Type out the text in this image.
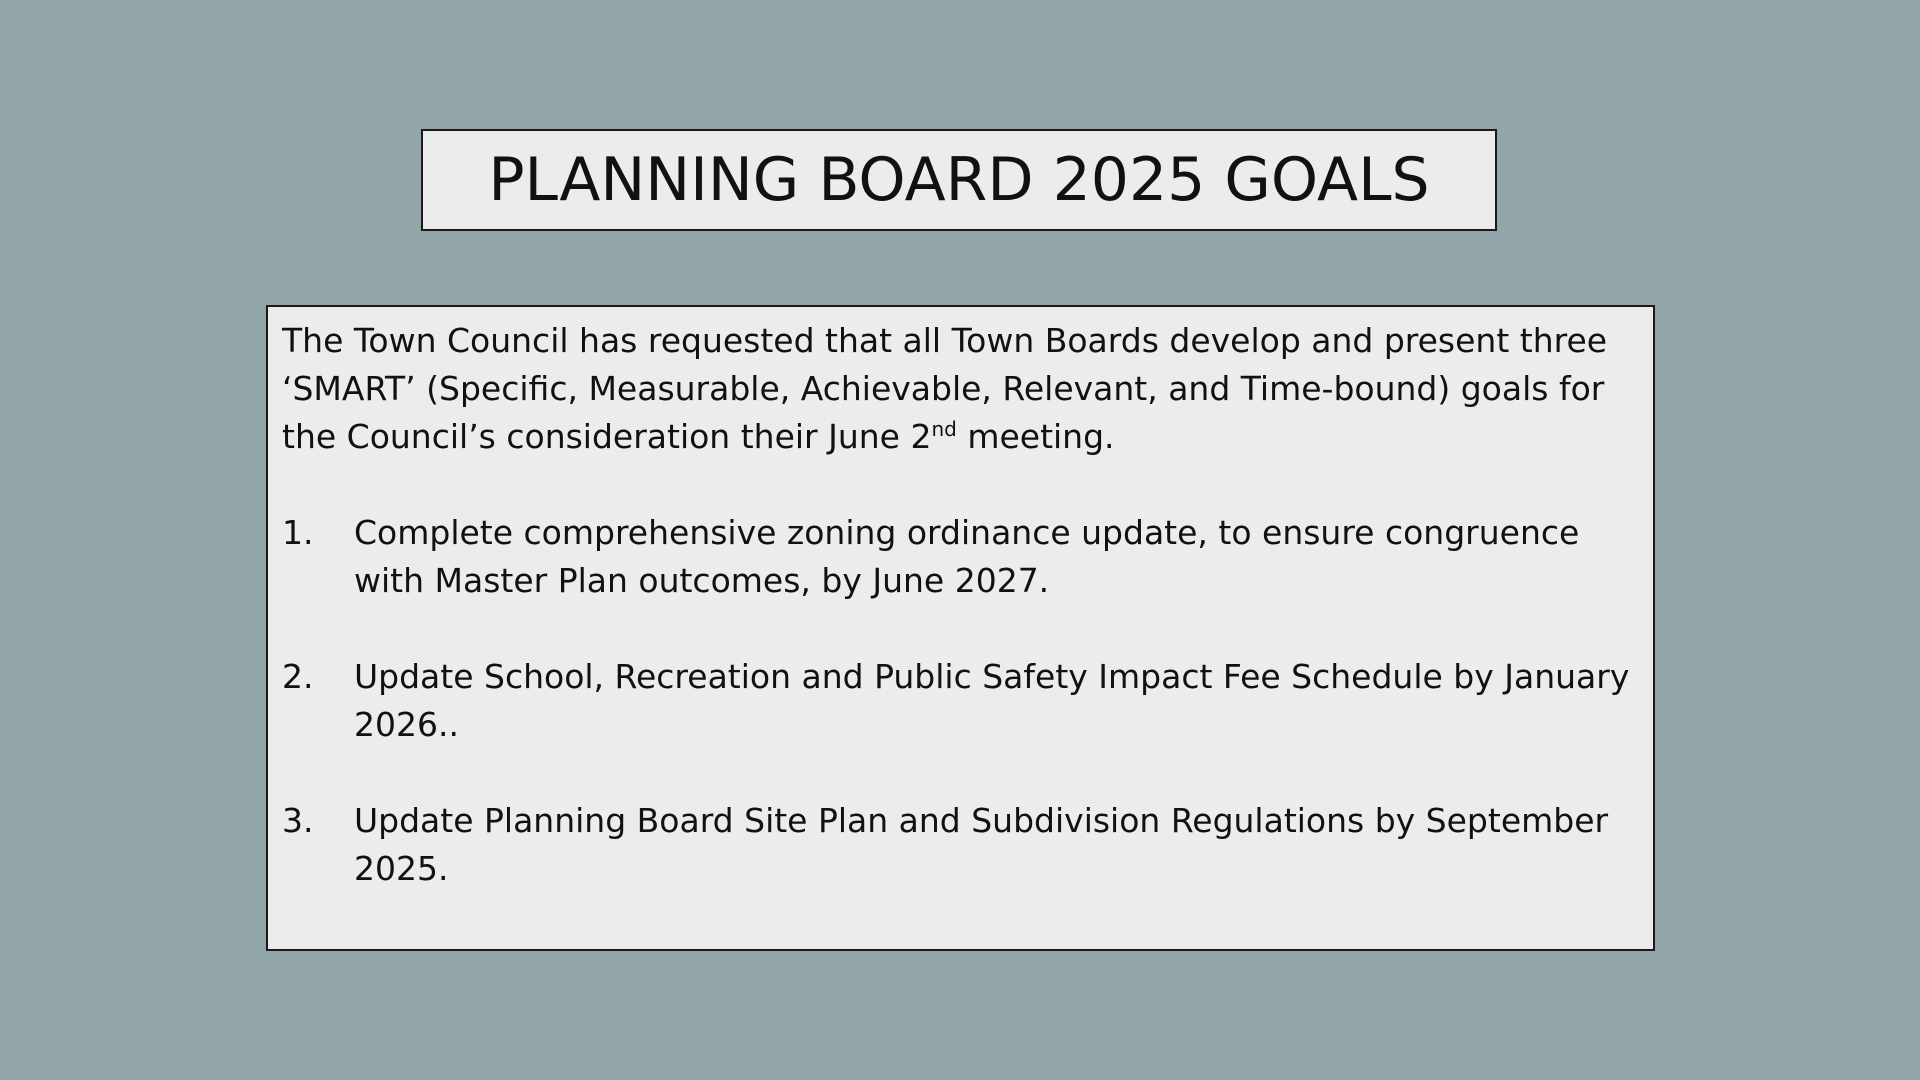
PLANNING BOARD 2025 GOALS

The Town Council has requested that all Town Boards develop and present three ‘SMART’ (Specific, Measurable, Achievable, Relevant, and Time-bound) goals for the Council’s consideration their June 2nd meeting.

1.	Complete comprehensive zoning ordinance update, to ensure congruence with Master Plan outcomes, by June 2027.
2.	Update School, Recreation and Public Safety Impact Fee Schedule by January 2026..
3.	Update Planning Board Site Plan and Subdivision Regulations by September 2025.
